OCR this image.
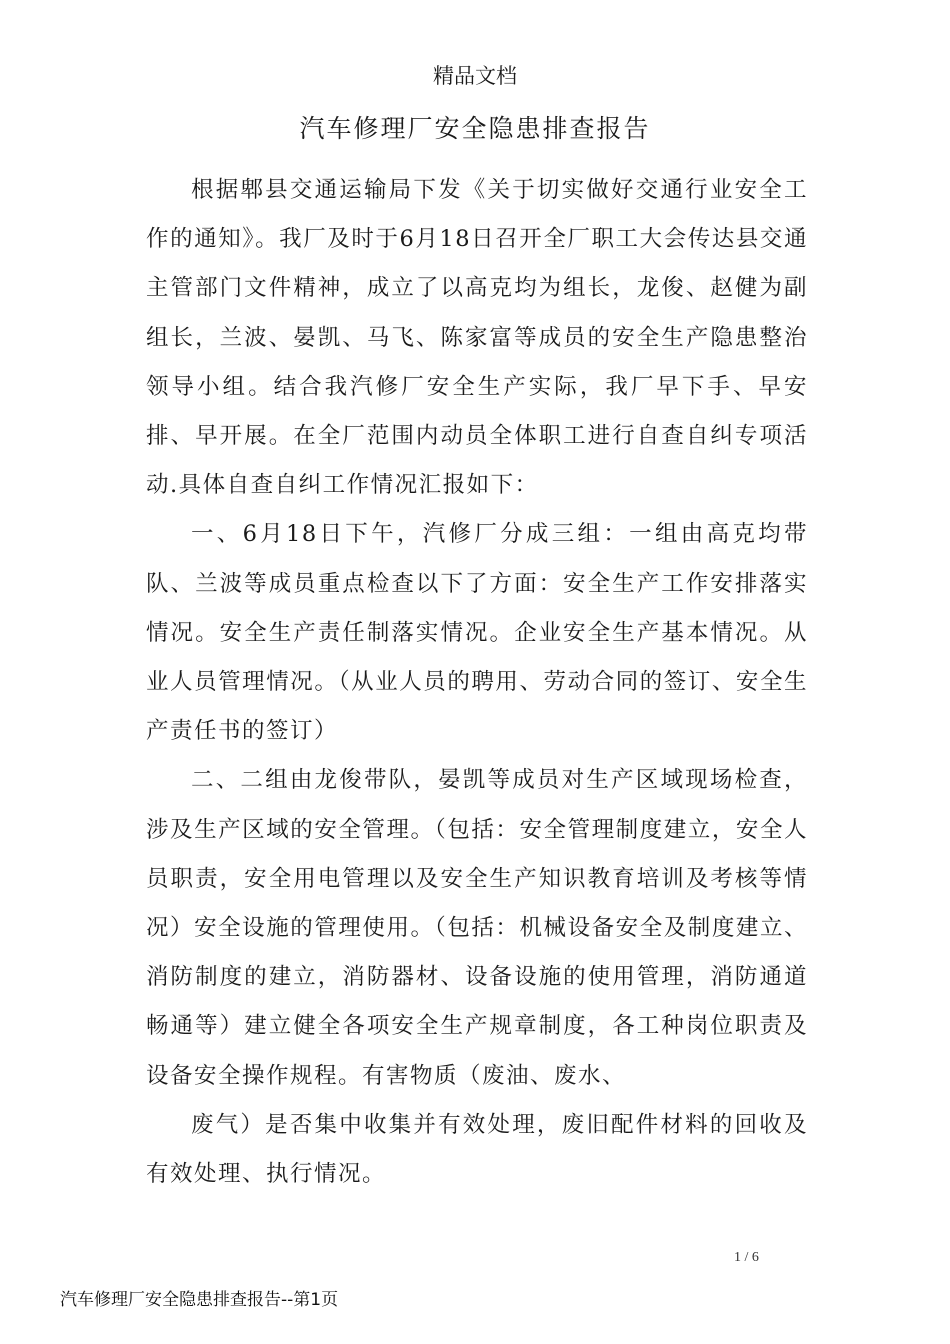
精品文档
汽车修理厂安全隐患排查报告

根据郫县交通运输局下发《关于切实做好交通行业安全工作的通知》。我厂及时于6月18日召开全厂职工大会传达县交通主管部门文件精神，成立了以高克均为组长，龙俊、赵健为副组长，兰波、晏凯、马飞、陈家富等成员的安全生产隐患整治领导小组。结合我汽修厂安全生产实际，我厂早下手、早安排、早开展。在全厂范围内动员全体职工进行自查自纠专项活动.具体自查自纠工作情况汇报如下：

一、6月18日下午，汽修厂分成三组：一组由高克均带队、兰波等成员重点检查以下了方面：安全生产工作安排落实情况。安全生产责任制落实情况。企业安全生产基本情况。从业人员管理情况。（从业人员的聘用、劳动合同的签订、安全生产责任书的签订）

二、二组由龙俊带队，晏凯等成员对生产区域现场检查，涉及生产区域的安全管理。（包括：安全管理制度建立，安全人员职责，安全用电管理以及安全生产知识教育培训及考核等情况）安全设施的管理使用。（包括：机械设备安全及制度建立、消防制度的建立，消防器材、设备设施的使用管理，消防通道畅通等）建立健全各项安全生产规章制度，各工种岗位职责及设备安全操作规程。有害物质（废油、废水、

废气）是否集中收集并有效处理，废旧配件材料的回收及有效处理、执行情况。

1 / 6
汽车修理厂安全隐患排查报告--第1页
